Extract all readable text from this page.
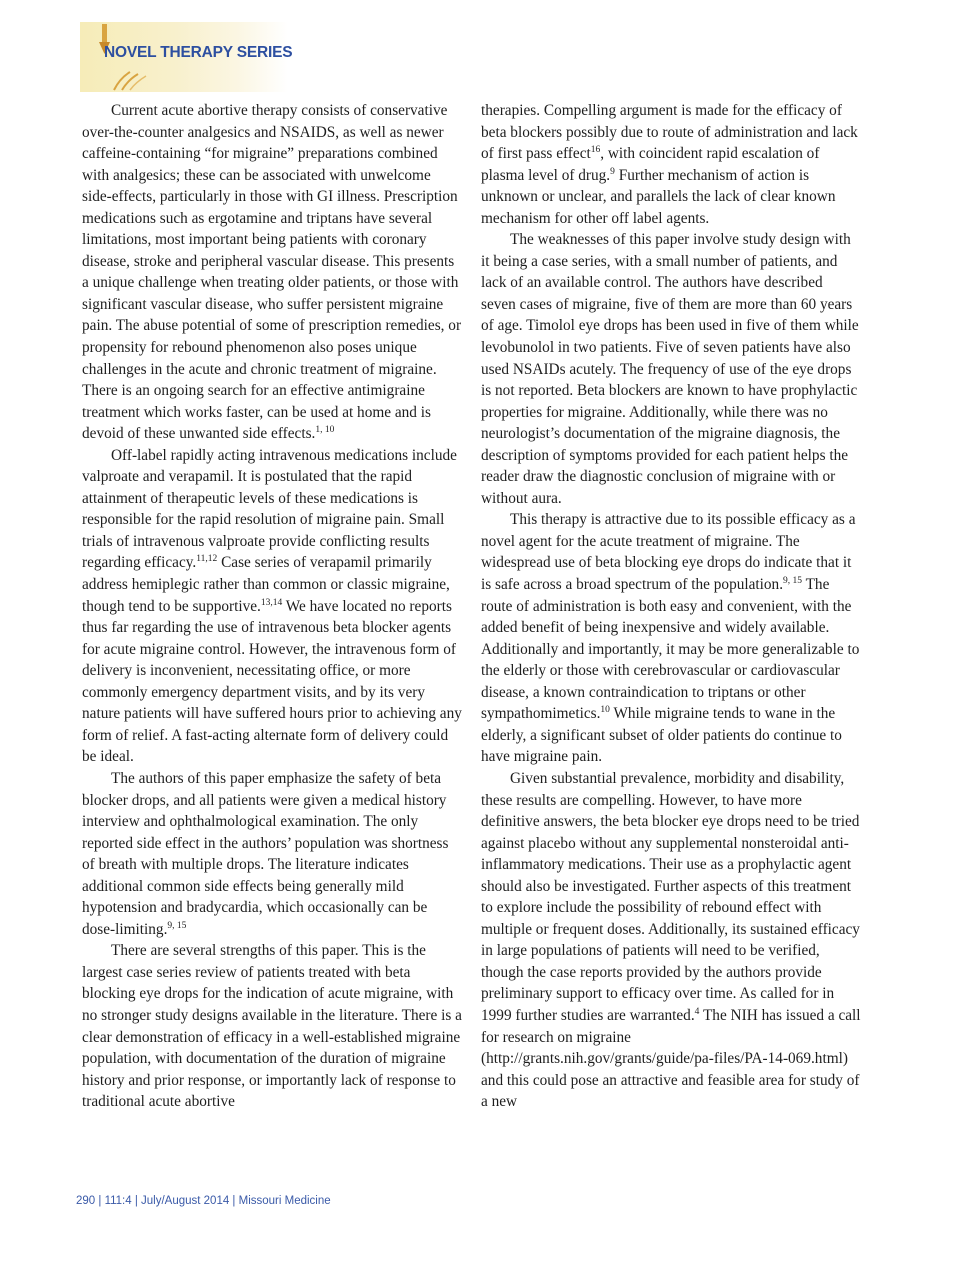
NOVEL THERAPY SERIES

Current acute abortive therapy consists of conservative over-the-counter analgesics and NSAIDS, as well as newer caffeine-containing “for migraine” preparations combined with analgesics; these can be associated with unwelcome side-effects, particularly in those with GI illness. Prescription medications such as ergotamine and triptans have several limitations, most important being patients with coronary disease, stroke and peripheral vascular disease. This presents a unique challenge when treating older patients, or those with significant vascular disease, who suffer persistent migraine pain. The abuse potential of some of prescription remedies, or propensity for rebound phenomenon also poses unique challenges in the acute and chronic treatment of migraine. There is an ongoing search for an effective antimigraine treatment which works faster, can be used at home and is devoid of these unwanted side effects.$^{1, 10}$

Off-label rapidly acting intravenous medications include valproate and verapamil. It is postulated that the rapid attainment of therapeutic levels of these medications is responsible for the rapid resolution of migraine pain. Small trials of intravenous valproate provide conflicting results regarding efficacy.$^{11,12}$ Case series of verapamil primarily address hemiplegic rather than common or classic migraine, though tend to be supportive.$^{13,14}$ We have located no reports thus far regarding the use of intravenous beta blocker agents for acute migraine control. However, the intravenous form of delivery is inconvenient, necessitating office, or more commonly emergency department visits, and by its very nature patients will have suffered hours prior to achieving any form of relief. A fast-acting alternate form of delivery could be ideal.

The authors of this paper emphasize the safety of beta blocker drops, and all patients were given a medical history interview and ophthalmological examination. The only reported side effect in the authors’ population was shortness of breath with multiple drops. The literature indicates additional common side effects being generally mild hypotension and bradycardia, which occasionally can be dose-limiting.$^{9, 15}$

There are several strengths of this paper. This is the largest case series review of patients treated with beta blocking eye drops for the indication of acute migraine, with no stronger study designs available in the literature. There is a clear demonstration of efficacy in a well-established migraine population, with documentation of the duration of migraine history and prior response, or importantly lack of response to traditional acute abortive

therapies. Compelling argument is made for the efficacy of beta blockers possibly due to route of administration and lack of first pass effect$^{16}$, with coincident rapid escalation of plasma level of drug.$^9$ Further mechanism of action is unknown or unclear, and parallels the lack of clear known mechanism for other off label agents.

The weaknesses of this paper involve study design with it being a case series, with a small number of patients, and lack of an available control. The authors have described seven cases of migraine, five of them are more than 60 years of age. Timolol eye drops has been used in five of them while levobunolol in two patients. Five of seven patients have also used NSAIDs acutely. The frequency of use of the eye drops is not reported. Beta blockers are known to have prophylactic properties for migraine. Additionally, while there was no neurologist’s documentation of the migraine diagnosis, the description of symptoms provided for each patient helps the reader draw the diagnostic conclusion of migraine with or without aura.

This therapy is attractive due to its possible efficacy as a novel agent for the acute treatment of migraine. The widespread use of beta blocking eye drops do indicate that it is safe across a broad spectrum of the population.$^{9, 15}$ The route of administration is both easy and convenient, with the added benefit of being inexpensive and widely available. Additionally and importantly, it may be more generalizable to the elderly or those with cerebrovascular or cardiovascular disease, a known contraindication to triptans or other sympathomimetics.$^{10}$ While migraine tends to wane in the elderly, a significant subset of older patients do continue to have migraine pain.

Given substantial prevalence, morbidity and disability, these results are compelling. However, to have more definitive answers, the beta blocker eye drops need to be tried against placebo without any supplemental nonsteroidal anti-inflammatory medications. Their use as a prophylactic agent should also be investigated. Further aspects of this treatment to explore include the possibility of rebound effect with multiple or frequent doses. Additionally, its sustained efficacy in large populations of patients will need to be verified, though the case reports provided by the authors provide preliminary support to efficacy over time. As called for in 1999 further studies are warranted.$^4$ The NIH has issued a call for research on migraine (http://grants.nih.gov/grants/guide/pa-files/PA-14-069.html) and this could pose an attractive and feasible area for study of a new

290 | 111:4 | July/August 2014 | Missouri Medicine
